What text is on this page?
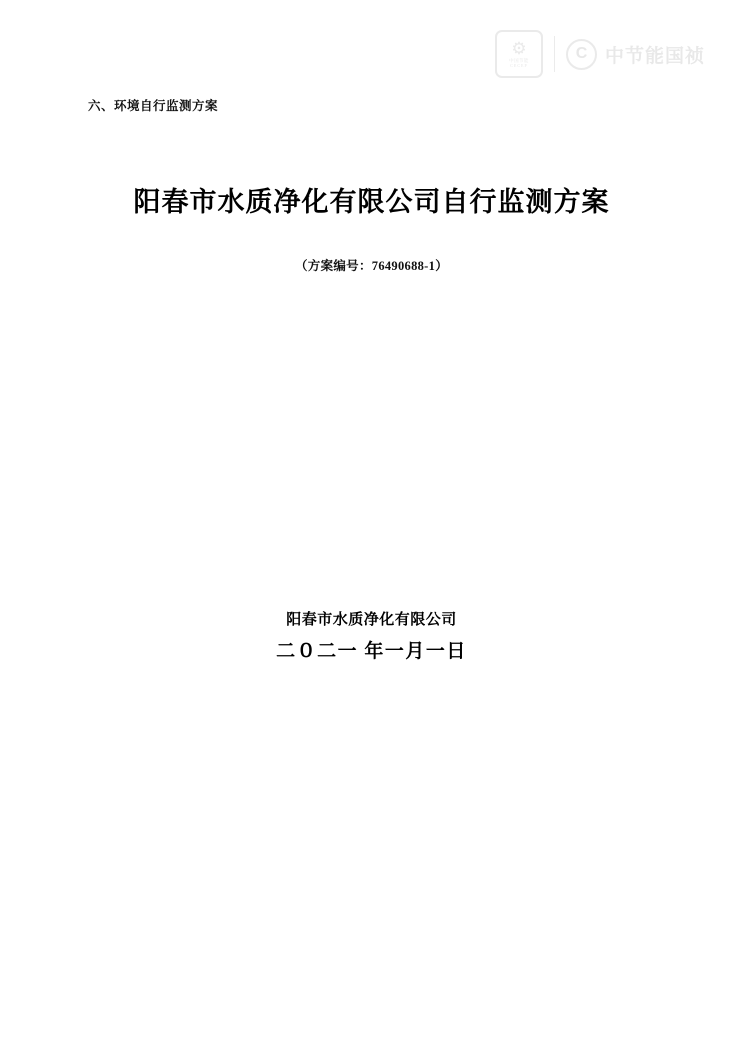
⚙
中国节能
CECEP
C 中节能国祯
六、环境自行监测方案
阳春市水质净化有限公司自行监测方案
（方案编号：76490688-1）
阳春市水质净化有限公司
二０二一 年一月一日
